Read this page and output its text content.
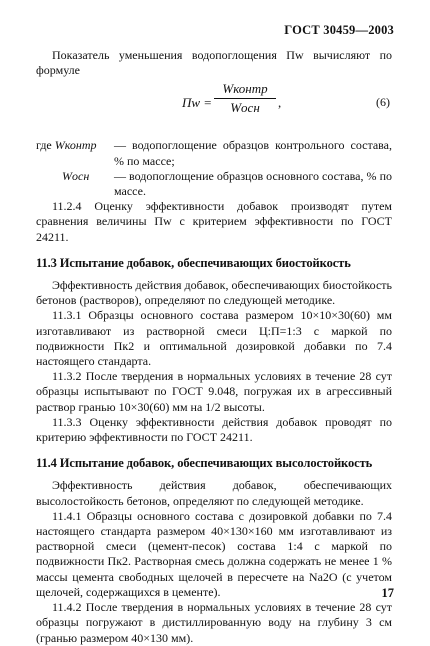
ГОСТ 30459—2003

Показатель уменьшения водопоглощения Пw вычисляют по формуле

Пw =
Wконтр
Wосн	,	(6)
где Wконтр	— водопоглощение образцов контрольного состава, % по массе;
Wосн	— водопоглощение образцов основного состава, % по массе.

11.2.4 Оценку эффективности добавок производят путем сравнения величины Пw с критерием эффективности по ГОСТ 24211.

11.3 Испытание добавок, обеспечивающих биостойкость

Эффективность действия добавок, обеспечивающих биостойкость бетонов (растворов), определяют по следующей методике.

11.3.1 Образцы основного состава размером 10×10×30(60) мм изготавливают из растворной смеси Ц:П=1:3 с маркой по подвижности Пк2 и оптимальной дозировкой добавки по 7.4 настоящего стандарта.

11.3.2 После твердения в нормальных условиях в течение 28 сут образцы испытывают по ГОСТ 9.048, погружая их в агрессивный раствор гранью 10×30(60) мм на 1/2 высоты.

11.3.3 Оценку эффективности действия добавок проводят по критерию эффективности по ГОСТ 24211.

11.4 Испытание добавок, обеспечивающих высолостойкость

Эффективность действия добавок, обеспечивающих высолостойкость бетонов, определяют по следующей методике.

11.4.1 Образцы основного состава с дозировкой добавки по 7.4 настоящего стандарта размером 40×130×160 мм изготавливают из растворной смеси (цемент-песок) состава 1:4 с маркой по подвижности Пк2. Растворная смесь должна содержать не менее 1 % массы цемента свободных щелочей в пересчете на Na2O (с учетом щелочей, содержащихся в цементе).

11.4.2 После твердения в нормальных условиях в течение 28 сут образцы погружают в дистиллированную воду на глубину 3 см (гранью размером 40×130 мм).

17
